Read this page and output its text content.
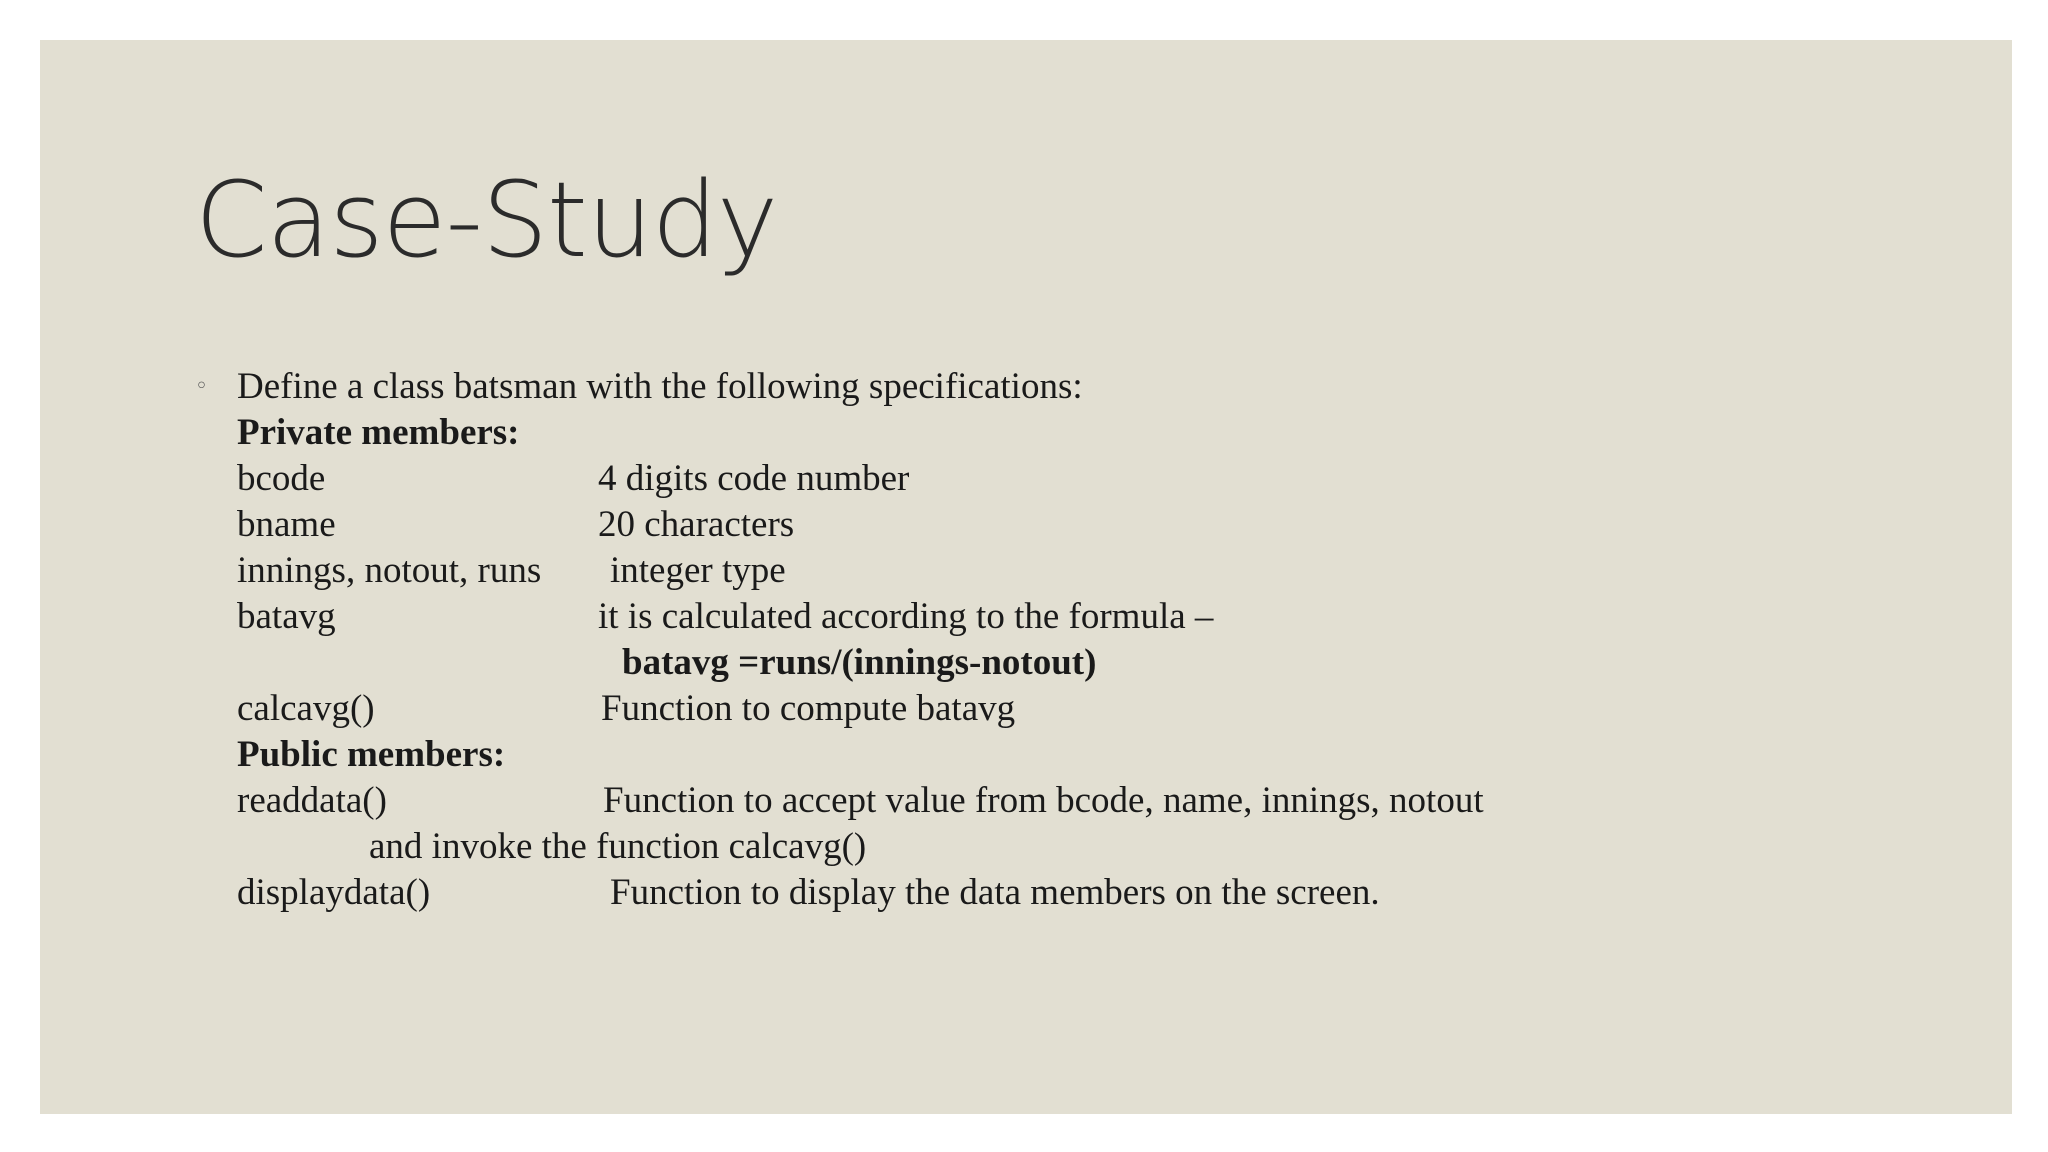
Case-Study
◦ Define a class batsman with the following specifications:
Private members:
bcode	4 digits code number
bname	20 characters
innings, notout, runs integer type
batavg	it is calculated according to the formula –
batavg =runs/(innings-notout)
calcavg()	Function to compute batavg
Public members:
readdata()	Function to accept value from bcode, name, innings, notout
and invoke the function calcavg()
displaydata()	Function to display the data members on the screen.
